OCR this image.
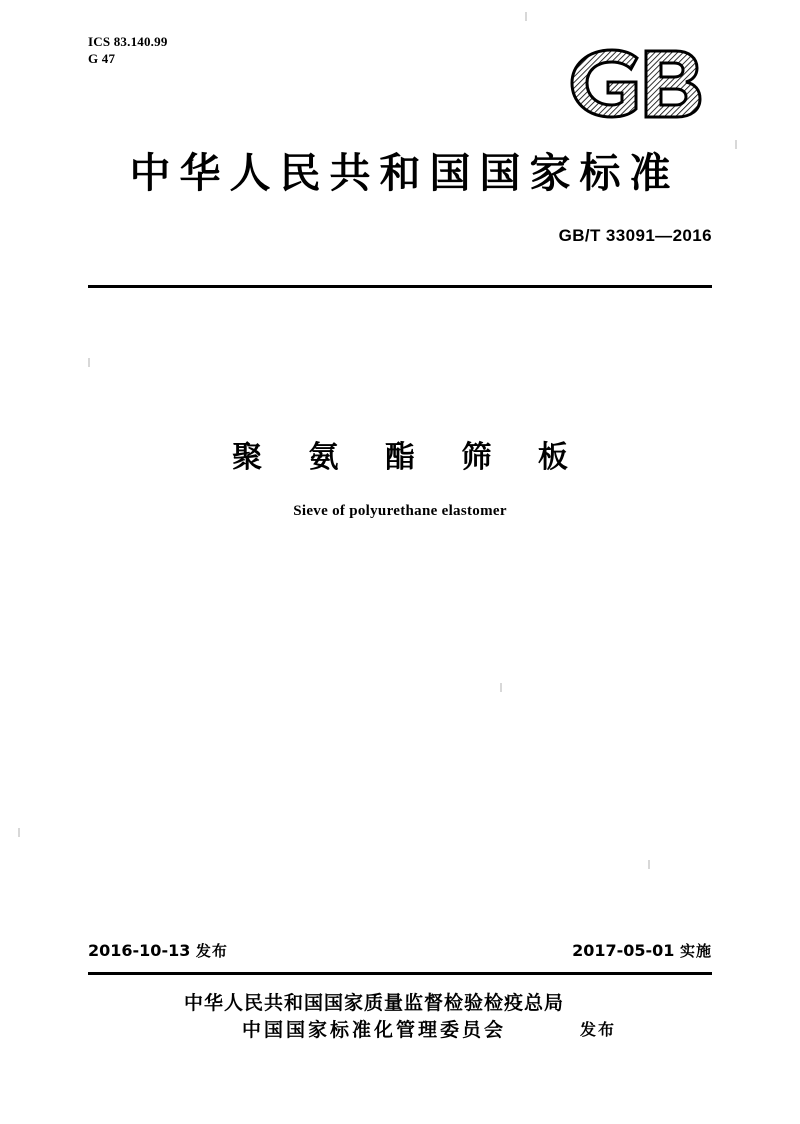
ICS 83.140.99
G 47
中华人民共和国国家标准
GB/T 33091—2016
聚 氨 酯 筛 板
Sieve of polyurethane elastomer
2016-10-13 发布	2017-05-01 实施
中华人民共和国国家质量监督检验检疫总局
中国国家标准化管理委员会	发布
